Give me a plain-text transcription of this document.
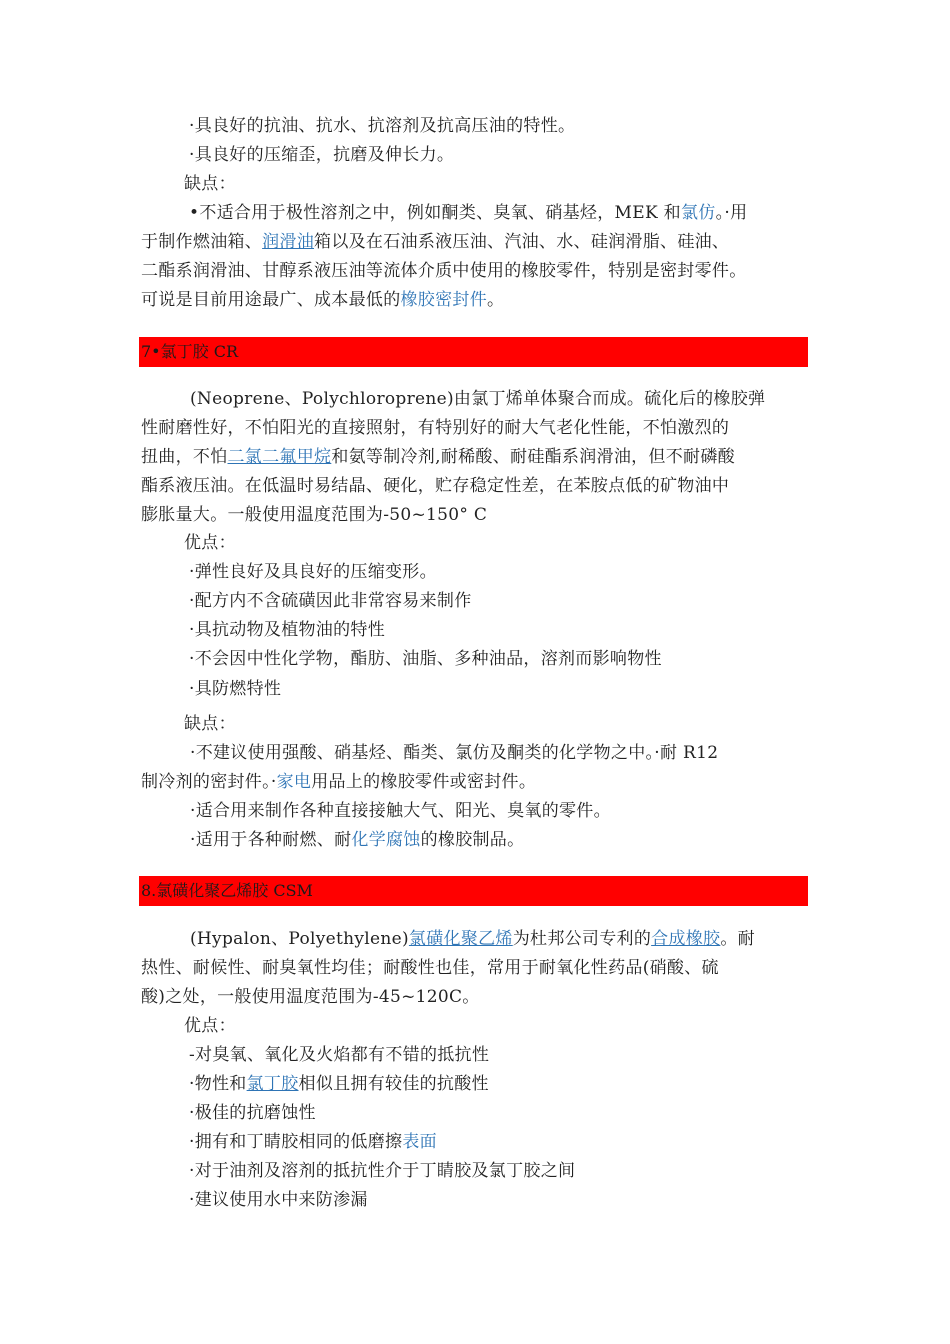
·具良好的抗油、抗水、抗溶剂及抗高压油的特性。
·具良好的压缩歪，抗磨及伸长力。
缺点：
•不适合用于极性溶剂之中，例如酮类、臭氧、硝基烃，MEK 和氯仿。·用
于制作燃油箱、润滑油箱以及在石油系液压油、汽油、水、硅润滑脂、硅油、
二酯系润滑油、甘醇系液压油等流体介质中使用的橡胶零件，特别是密封零件。
可说是目前用途最广、成本最低的橡胶密封件。
7•氯丁胶 CR
(Neoprene、Polychloroprene)由氯丁烯单体聚合而成。硫化后的橡胶弹
性耐磨性好，不怕阳光的直接照射，有特别好的耐大气老化性能，不怕激烈的
扭曲，不怕二氯二氟甲烷和氨等制冷剂,耐稀酸、耐硅酯系润滑油，但不耐磷酸
酯系液压油。在低温时易结晶、硬化，贮存稳定性差，在苯胺点低的矿物油中
膨胀量大。一般使用温度范围为-50~150° C
优点：
·弹性良好及具良好的压缩变形。
·配方内不含硫磺因此非常容易来制作
·具抗动物及植物油的特性
·不会因中性化学物，酯肪、油脂、多种油品，溶剂而影响物性
·具防燃特性
缺点：
·不建议使用强酸、硝基烃、酯类、氯仿及酮类的化学物之中。·耐 R12
制冷剂的密封件。·家电用品上的橡胶零件或密封件。
·适合用来制作各种直接接触大气、阳光、臭氧的零件。
·适用于各种耐燃、耐化学腐蚀的橡胶制品。
8.氯磺化聚乙烯胶 CSM
(Hypalon、Polyethylene)氯磺化聚乙烯为杜邦公司专利的合成橡胶。耐
热性、耐候性、耐臭氧性均佳；耐酸性也佳，常用于耐氧化性药品(硝酸、硫
酸)之处，一般使用温度范围为-45~120C。
优点：
-对臭氧、氧化及火焰都有不错的抵抗性
·物性和氯丁胶相似且拥有较佳的抗酸性
·极佳的抗磨蚀性
·拥有和丁睛胶相同的低磨擦表面
·对于油剂及溶剂的抵抗性介于丁睛胶及氯丁胶之间
·建议使用水中来防渗漏
